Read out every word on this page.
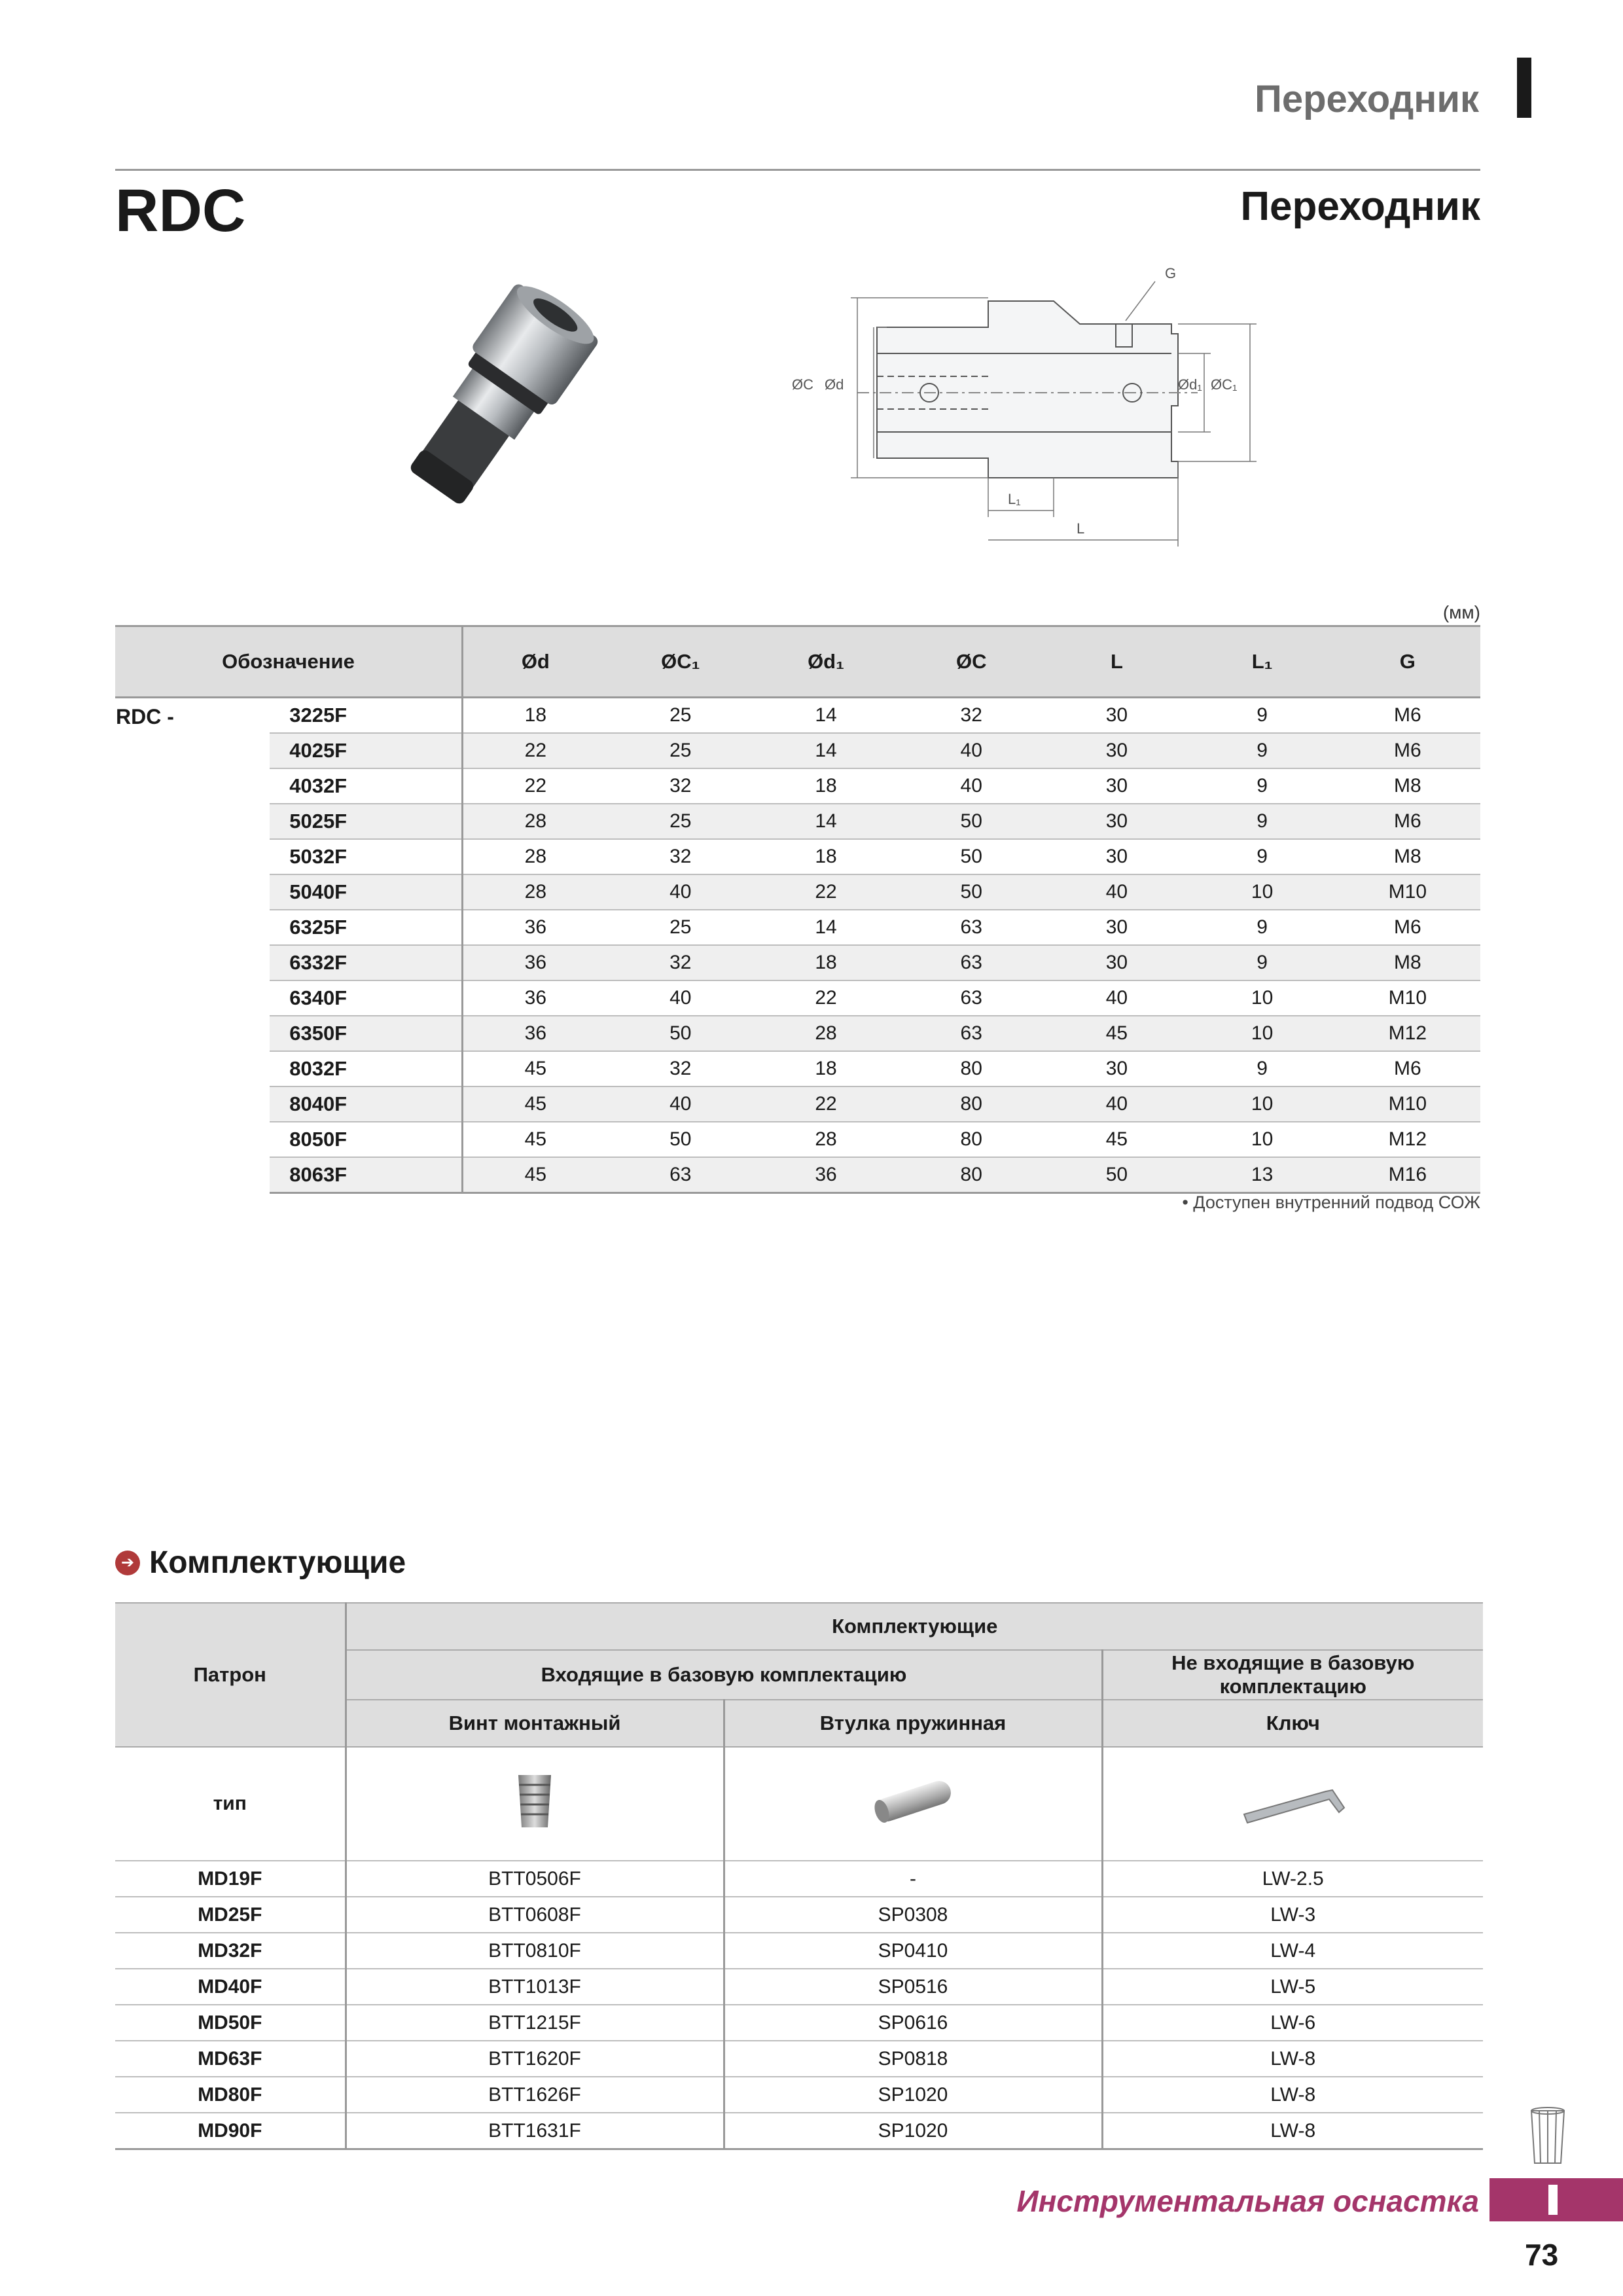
Переходник
RDC	Переходник
G
ØC Ød	Ød₁ ØC₁
L₁
L
(мм)
Обозначение		Ød	ØC₁	Ød₁	ØC	L	L₁	G
RDC -	3225F	18	25	14	32	30	9	M6
	4025F	22	25	14	40	30	9	M6
	4032F	22	32	18	40	30	9	M8
	5025F	28	25	14	50	30	9	M6
	5032F	28	32	18	50	30	9	M8
	5040F	28	40	22	50	40	10	M10
	6325F	36	25	14	63	30	9	M6
	6332F	36	32	18	63	30	9	M8
	6340F	36	40	22	63	40	10	M10
	6350F	36	50	28	63	45	10	M12
	8032F	45	32	18	80	30	9	M6
	8040F	45	40	22	80	40	10	M10
	8050F	45	50	28	80	45	10	M12
	8063F	45	63	36	80	50	13	M16
• Доступен внутренний подвод СОЖ
➔ Комплектующие
Патрон	Комплектующие		
	Входящие в базовую комплектацию		Не входящие в базовую комплектацию
	Винт монтажный	Втулка пружинная	Ключ
тип			
MD19F	BTT0506F	-	LW-2.5
MD25F	BTT0608F	SP0308	LW-3
MD32F	BTT0810F	SP0410	LW-4
MD40F	BTT1013F	SP0516	LW-5
MD50F	BTT1215F	SP0616	LW-6
MD63F	BTT1620F	SP0818	LW-8
MD80F	BTT1626F	SP1020	LW-8
MD90F	BTT1631F	SP1020	LW-8
Инструментальная оснастка
73
